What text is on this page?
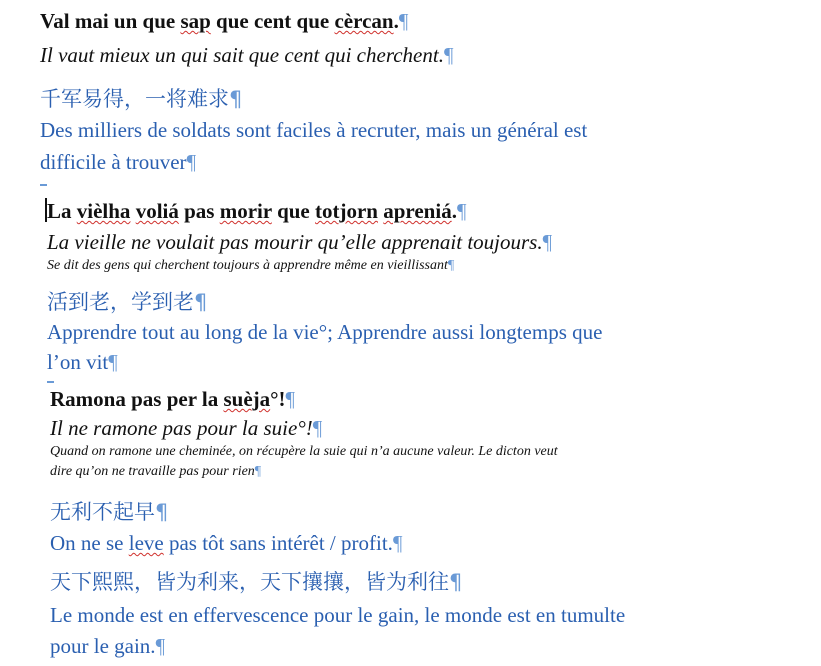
Val mai un que sap que cent que cèrcan.¶
Il vaut mieux un qui sait que cent qui cherchent.¶
千军易得，一将难求¶
Des milliers de soldats sont faciles à recruter, mais un général est
difficile à trouver¶
La vièlha voliá pas morir que totjorn apreniá.¶
La vieille ne voulait pas mourir qu’elle apprenait toujours.¶
Se dit des gens qui cherchent toujours à apprendre même en vieillissant¶
活到老，学到老¶
Apprendre tout au long de la vie°; Apprendre aussi longtemps que
l’on vit¶
Ramona pas per la suèja°!¶
Il ne ramone pas pour la suie°!¶
Quand on ramone une cheminée, on récupère la suie qui n’a aucune valeur. Le dicton veut
dire qu’on ne travaille pas pour rien¶
无利不起早¶
On ne se leve pas tôt sans intérêt / profit.¶
天下熙熙，皆为利来，天下攘攘，皆为利往¶
Le monde est en effervescence pour le gain, le monde est en tumulte
pour le gain.¶
